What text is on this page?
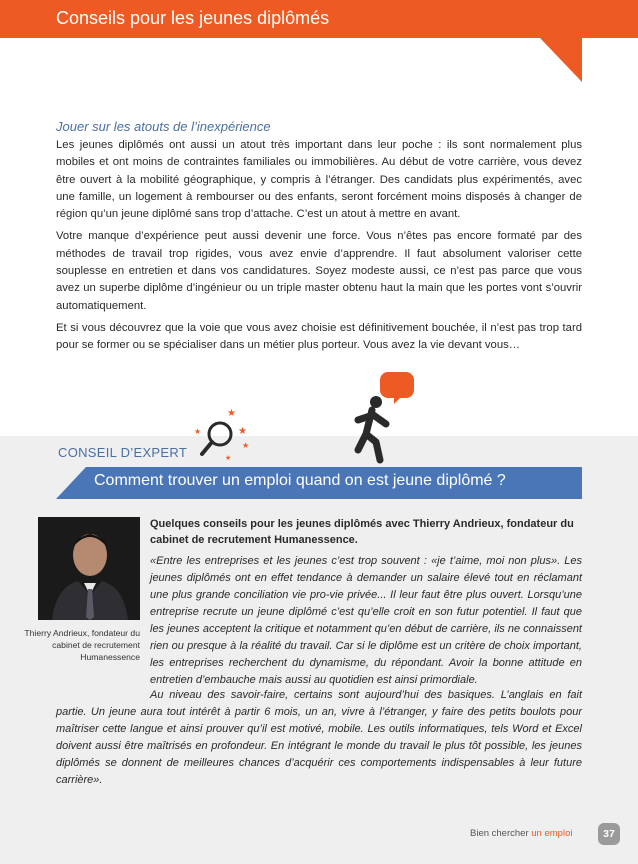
Conseils pour les jeunes diplômés
Jouer sur les atouts de l’inexpérience

Les jeunes diplômés ont aussi un atout très important dans leur poche : ils sont normalement plus mobiles et ont moins de contraintes familiales ou immobilières. Au début de votre carrière, vous devez être ouvert à la mobilité géographique, y compris à l’étranger. Des candidats plus expérimentés, avec une famille, un logement à rembourser ou des enfants, seront forcément moins disposés à changer de région qu’un jeune diplômé sans trop d’attache. C’est un atout à mettre en avant.

Votre manque d’expérience peut aussi devenir une force. Vous n’êtes pas encore formaté par des méthodes de travail trop rigides, vous avez envie d’apprendre. Il faut absolument valoriser cette souplesse en entretien et dans vos candidatures. Soyez modeste aussi, ce n’est pas parce que vous avez un superbe diplôme d’ingénieur ou un triple master obtenu haut la main que les portes vont s’ouvrir automatiquement.

Et si vous découvrez que la voie que vous avez choisie est définitivement bouchée, il n’est pas trop tard pour se former ou se spécialiser dans un métier plus porteur. Vous avez la vie devant vous…

★
★	★
★
★
CONSEIL D’EXPERT
Comment trouver un emploi quand on est jeune diplômé ?
Thierry Andrieux, fondateur du cabinet de recrutement Humanessence

Quelques conseils pour les jeunes diplômés avec Thierry Andrieux, fondateur du cabinet de recrutement Humanessence.

«Entre les entreprises et les jeunes c’est trop souvent : «je t’aime, moi non plus». Les jeunes diplômés ont en effet tendance à demander un salaire élevé tout en réclamant une plus grande conciliation vie pro-vie privée... Il leur faut être plus ouvert. Lorsqu’une entreprise recrute un jeune diplômé c’est qu’elle croit en son futur potentiel. Il faut que les jeunes acceptent la critique et notamment qu’en début de carrière, ils ne connaissent rien ou presque à la réalité du travail. Car si le diplôme est un critère de choix important, les entreprises recherchent du dynamisme, du répondant. Avoir la bonne attitude en entretien d’embauche mais aussi au quotidien est ainsi primordiale.

Au niveau des savoir-faire, certains sont aujourd’hui des basiques. L’anglais en fait partie. Un jeune aura tout intérêt à partir 6 mois, un an, vivre à l’étranger, y faire des petits boulots pour maîtriser cette langue et ainsi prouver qu’il est motivé, mobile. Les outils informatiques, tels Word et Excel doivent aussi être maîtrisés en profondeur. En intégrant le monde du travail le plus tôt possible, les jeunes diplômés se donnent de meilleures chances d’acquérir ces comportements indispensables à leur future carrière».

Bien chercher un emploi	37
